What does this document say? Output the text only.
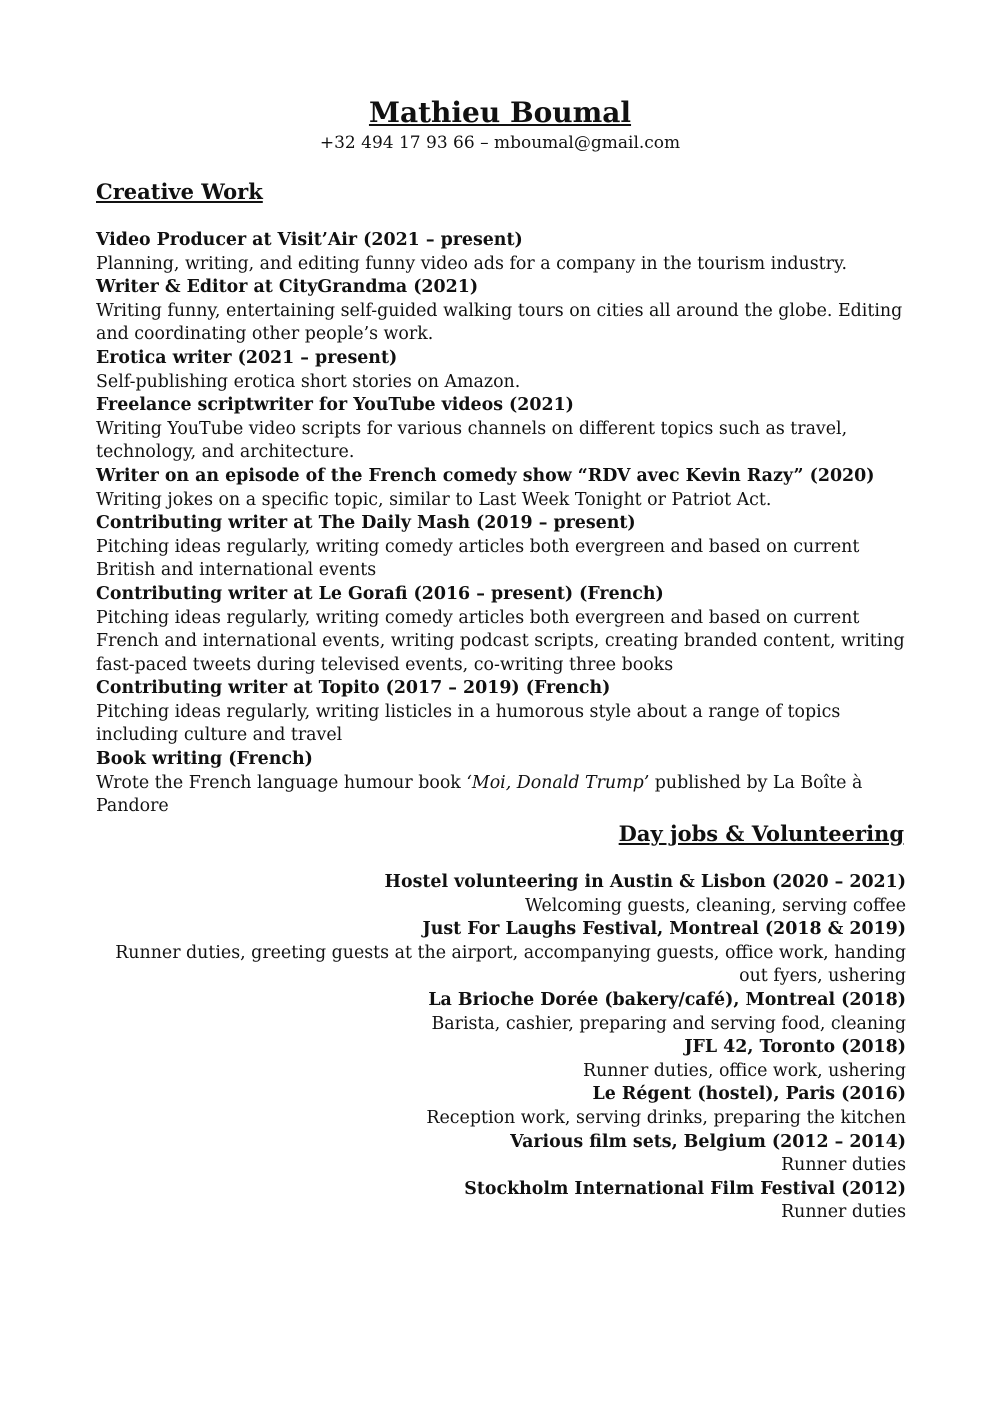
Mathieu Boumal

+32 494 17 93 66 – mboumal@gmail.com

Creative Work
Video Producer at Visit’Air (2021 – present)
Planning, writing, and editing funny video ads for a company in the tourism industry.
Writer & Editor at CityGrandma (2021)
Writing funny, entertaining self-guided walking tours on cities all around the globe. Editing and coordinating other people’s work.
Erotica writer (2021 – present)
Self-publishing erotica short stories on Amazon.
Freelance scriptwriter for YouTube videos (2021)
Writing YouTube video scripts for various channels on different topics such as travel, technology, and architecture.
Writer on an episode of the French comedy show “RDV avec Kevin Razy” (2020)
Writing jokes on a specific topic, similar to Last Week Tonight or Patriot Act.
Contributing writer at The Daily Mash (2019 – present)
Pitching ideas regularly, writing comedy articles both evergreen and based on current British and international events
Contributing writer at Le Gorafi (2016 – present) (French)
Pitching ideas regularly, writing comedy articles both evergreen and based on current French and international events, writing podcast scripts, creating branded content, writing fast-paced tweets during televised events, co-writing three books
Contributing writer at Topito (2017 – 2019) (French)
Pitching ideas regularly, writing listicles in a humorous style about a range of topics including culture and travel
Book writing (French)
Wrote the French language humour book ‘Moi, Donald Trump’ published by La Boîte à Pandore
Day jobs & Volunteering
Hostel volunteering in Austin & Lisbon (2020 – 2021)
Welcoming guests, cleaning, serving coffee
Just For Laughs Festival, Montreal (2018 & 2019)
Runner duties, greeting guests at the airport, accompanying guests, office work, handing out fyers, ushering
La Brioche Dorée (bakery/café), Montreal (2018)
Barista, cashier, preparing and serving food, cleaning
JFL 42, Toronto (2018)
Runner duties, office work, ushering
Le Régent (hostel), Paris (2016)
Reception work, serving drinks, preparing the kitchen
Various film sets, Belgium (2012 – 2014)
Runner duties
Stockholm International Film Festival (2012)
Runner duties
